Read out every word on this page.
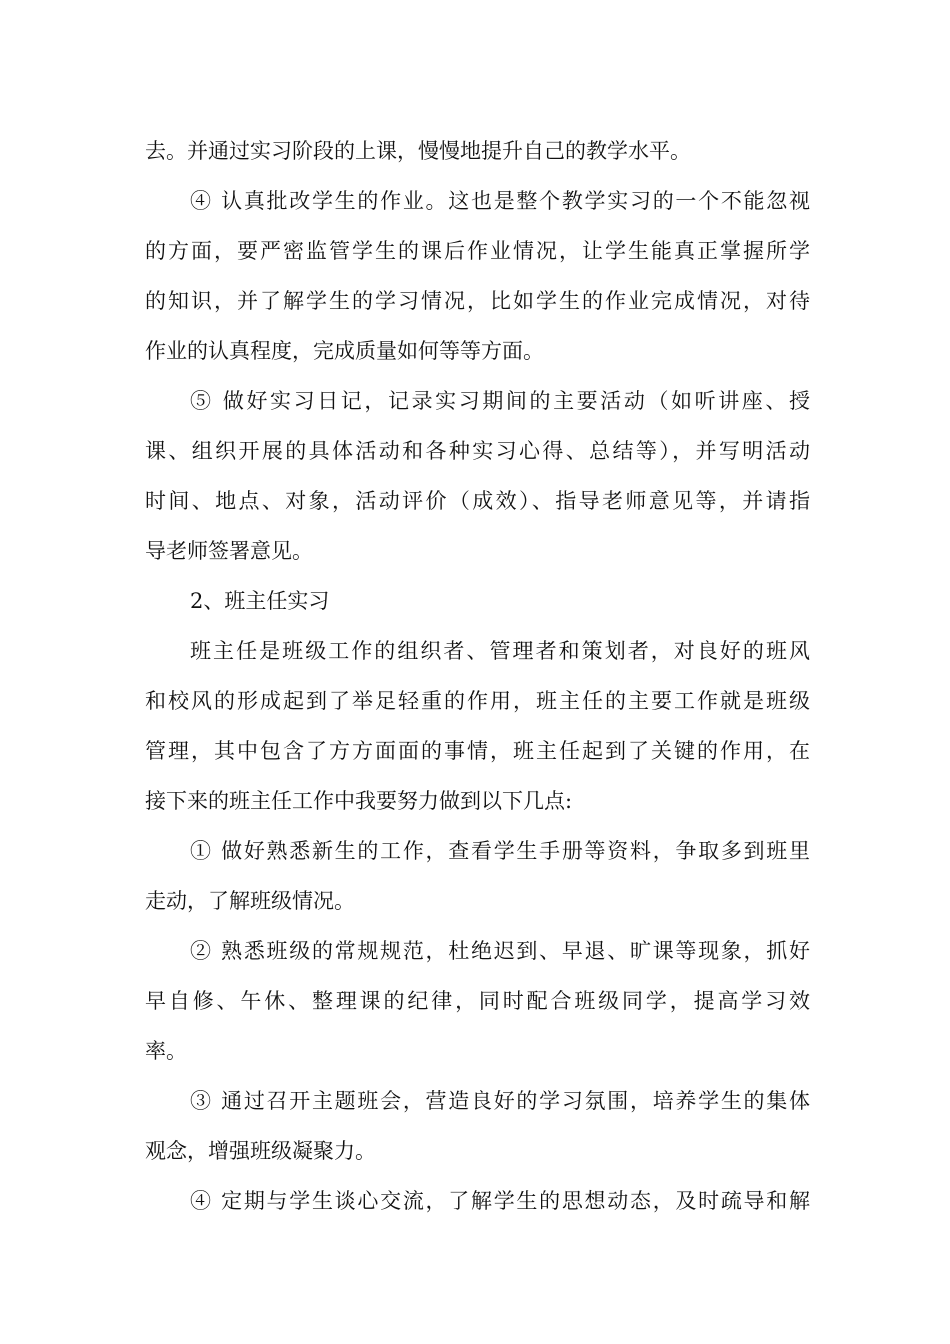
去。并通过实习阶段的上课，慢慢地提升自己的教学水平。
④ 认真批改学生的作业。这也是整个教学实习的一个不能忽视
的方面，要严密监管学生的课后作业情况，让学生能真正掌握所学
的知识，并了解学生的学习情况，比如学生的作业完成情况，对待
作业的认真程度，完成质量如何等等方面。
⑤ 做好实习日记，记录实习期间的主要活动（如听讲座、授
课、组织开展的具体活动和各种实习心得、总结等），并写明活动
时间、地点、对象，活动评价（成效）、指导老师意见等，并请指
导老师签署意见。
2、班主任实习
班主任是班级工作的组织者、管理者和策划者，对良好的班风
和校风的形成起到了举足轻重的作用，班主任的主要工作就是班级
管理，其中包含了方方面面的事情，班主任起到了关键的作用，在
接下来的班主任工作中我要努力做到以下几点:
① 做好熟悉新生的工作，查看学生手册等资料，争取多到班里
走动，了解班级情况。
② 熟悉班级的常规规范，杜绝迟到、早退、旷课等现象，抓好
早自修、午休、整理课的纪律，同时配合班级同学，提高学习效
率。
③ 通过召开主题班会，营造良好的学习氛围，培养学生的集体
观念，增强班级凝聚力。
④ 定期与学生谈心交流，了解学生的思想动态，及时疏导和解
